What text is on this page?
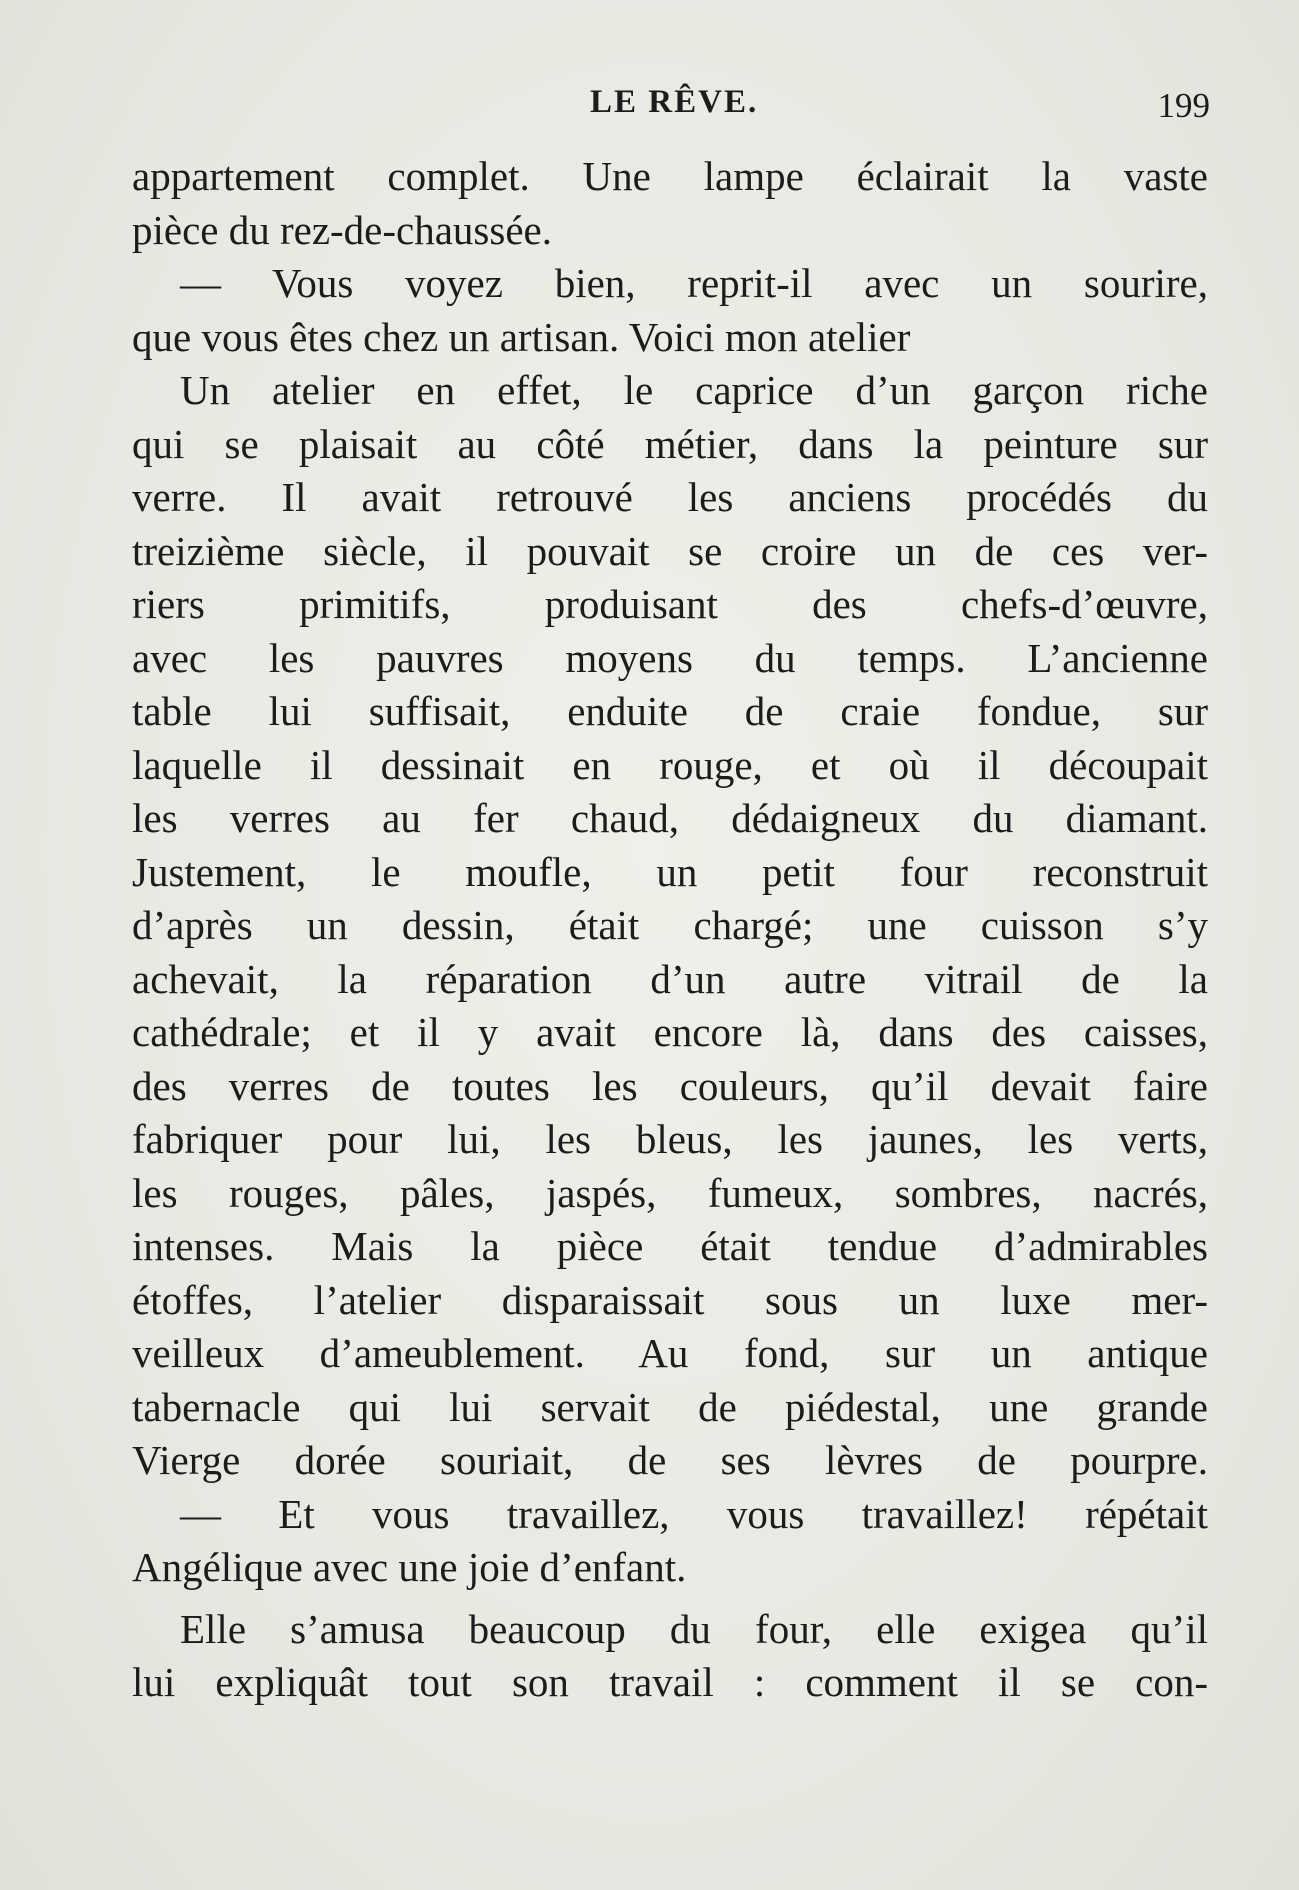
LE RÊVE.	199
appartement complet. Une lampe éclairait la vaste
pièce du rez-de-chaussée.
— Vous voyez bien, reprit-il avec un sourire,
que vous êtes chez un artisan. Voici mon atelier
Un atelier en effet, le caprice d’un garçon riche
qui se plaisait au côté métier, dans la peinture sur
verre. Il avait retrouvé les anciens procédés du
treizième siècle, il pouvait se croire un de ces ver-
riers primitifs, produisant des chefs-d’œuvre,
avec les pauvres moyens du temps. L’ancienne
table lui suffisait, enduite de craie fondue, sur
laquelle il dessinait en rouge, et où il découpait
les verres au fer chaud, dédaigneux du diamant.
Justement, le moufle, un petit four reconstruit
d’après un dessin, était chargé; une cuisson s’y
achevait, la réparation d’un autre vitrail de la
cathédrale; et il y avait encore là, dans des caisses,
des verres de toutes les couleurs, qu’il devait faire
fabriquer pour lui, les bleus, les jaunes, les verts,
les rouges, pâles, jaspés, fumeux, sombres, nacrés,
intenses. Mais la pièce était tendue d’admirables
étoffes, l’atelier disparaissait sous un luxe mer-
veilleux d’ameublement. Au fond, sur un antique
tabernacle qui lui servait de piédestal, une grande
Vierge dorée souriait, de ses lèvres de pourpre.
— Et vous travaillez, vous travaillez! répétait
Angélique avec une joie d’enfant.
Elle s’amusa beaucoup du four, elle exigea qu’il
lui expliquât tout son travail : comment il se con-
